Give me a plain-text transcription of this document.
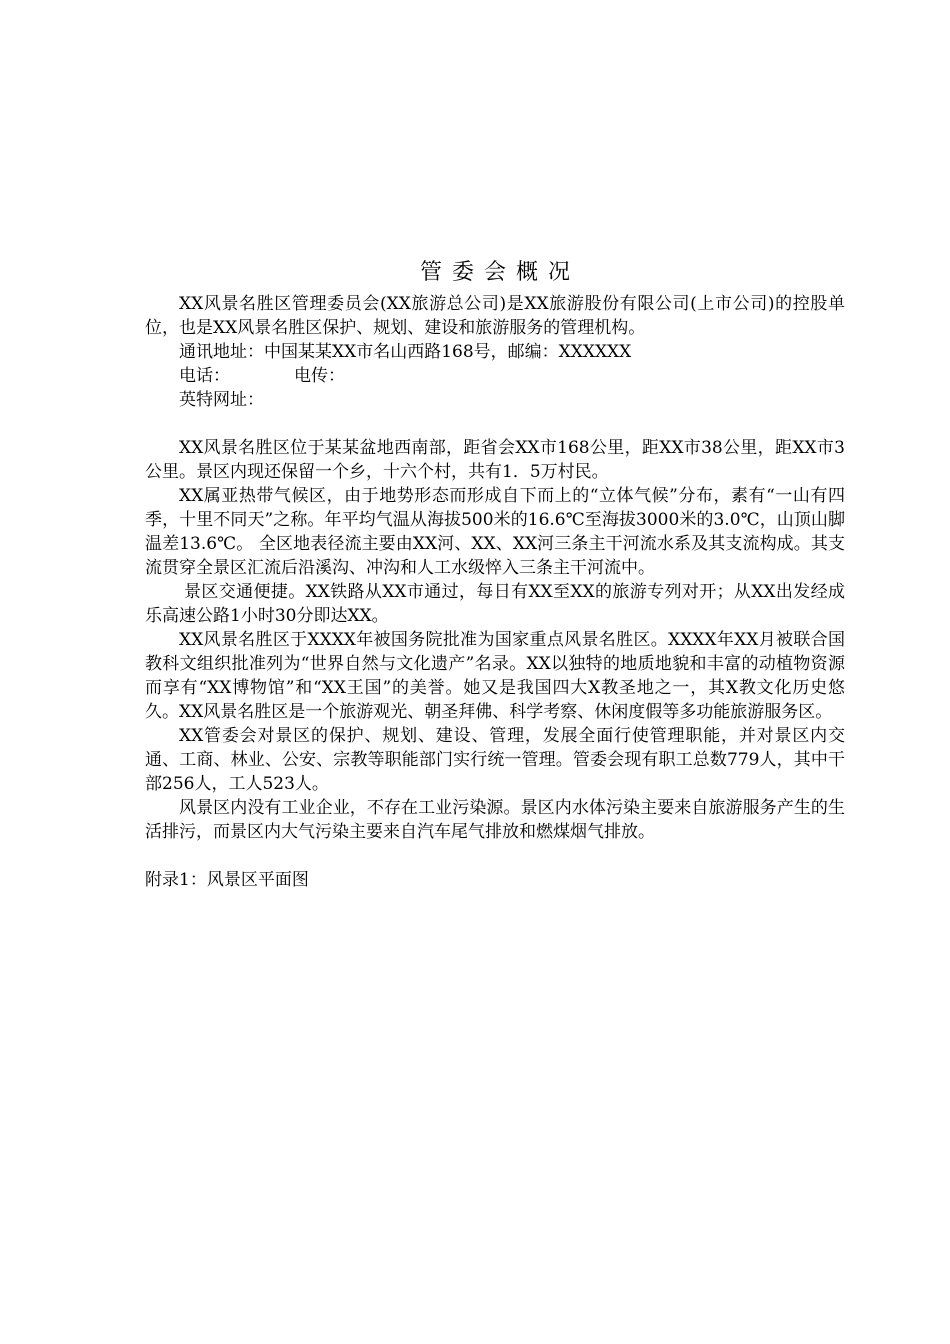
管委会概况

XX风景名胜区管理委员会(XX旅游总公司)是XX旅游股份有限公司(上市公司)的控股单位，也是XX风景名胜区保护、规划、建设和旅游服务的管理机构。

通讯地址：中国某某XX市名山西路168号，邮编：XXXXXX

电话：	电传：

英特网址：

XX风景名胜区位于某某盆地西南部，距省会XX市168公里，距XX市38公里，距XX市3公里。景区内现还保留一个乡，十六个村，共有1．5万村民。

XX属亚热带气候区，由于地势形态而形成自下而上的“立体气候”分布，素有“一山有四季，十里不同天”之称。年平均气温从海拔500米的16.6℃至海拔3000米的3.0℃，山顶山脚温差13.6℃。 全区地表径流主要由XX河、XX、XX河三条主干河流水系及其支流构成。其支流贯穿全景区汇流后沿溪沟、冲沟和人工水级悴入三条主干河流中。

景区交通便捷。XX铁路从XX市通过，每日有XX至XX的旅游专列对开；从XX出发经成乐高速公路1小时30分即达XX。

XX风景名胜区于XXXX年被国务院批准为国家重点风景名胜区。XXXX年XX月被联合国教科文组织批准列为“世界自然与文化遗产”名录。XX以独特的地质地貌和丰富的动植物资源而享有“XX博物馆”和“XX王国”的美誉。她又是我国四大X教圣地之一，其X教文化历史悠久。XX风景名胜区是一个旅游观光、朝圣拜佛、科学考察、休闲度假等多功能旅游服务区。

XX管委会对景区的保护、规划、建设、管理，发展全面行使管理职能，并对景区内交通、工商、林业、公安、宗教等职能部门实行统一管理。管委会现有职工总数779人，其中干部256人，工人523人。

风景区内没有工业企业，不存在工业污染源。景区内水体污染主要来自旅游服务产生的生活排污，而景区内大气污染主要来自汽车尾气排放和燃煤烟气排放。

附录1：风景区平面图
